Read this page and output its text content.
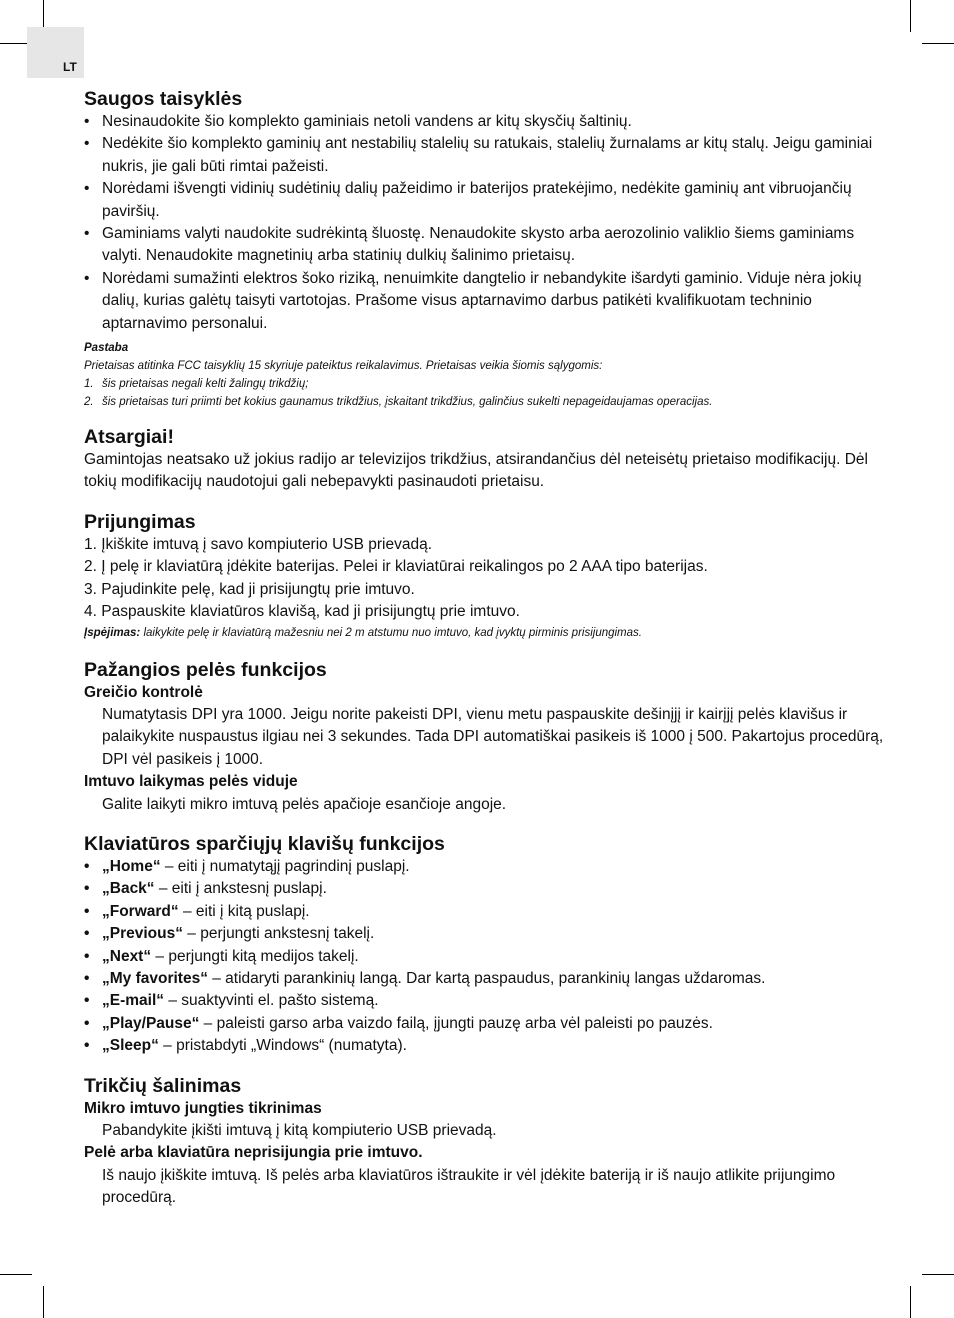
LT
Saugos taisyklės
• Nesinaudokite šio komplekto gaminiais netoli vandens ar kitų skysčių šaltinių.
• Nedėkite šio komplekto gaminių ant nestabilių stalelių su ratukais, stalelių žurnalams ar kitų stalų. Jeigu gaminiai nukris, jie gali būti rimtai pažeisti.
• Norėdami išvengti vidinių sudėtinių dalių pažeidimo ir baterijos pratekėjimo, nedėkite gaminių ant vibruojančių paviršių.
• Gaminiams valyti naudokite sudrėkintą šluostę. Nenaudokite skysto arba aerozolinio valiklio šiems gaminiams valyti. Nenaudokite magnetinių arba statinių dulkių šalinimo prietaisų.
• Norėdami sumažinti elektros šoko riziką, nenuimkite dangtelio ir nebandykite išardyti gaminio. Viduje nėra jokių dalių, kurias galėtų taisyti vartotojas. Prašome visus aptarnavimo darbus patikėti kvalifikuotam techninio aptarnavimo personalui.
Pastaba
Prietaisas atitinka FCC taisyklių 15 skyriuje pateiktus reikalavimus. Prietaisas veikia šiomis sąlygomis:
1. šis prietaisas negali kelti žalingų trikdžių;
2. šis prietaisas turi priimti bet kokius gaunamus trikdžius, įskaitant trikdžius, galinčius sukelti nepageidaujamas operacijas.
Atsargiai!

Gamintojas neatsako už jokius radijo ar televizijos trikdžius, atsirandančius dėl neteisėtų prietaiso modifikacijų. Dėl tokių modifikacijų naudotojui gali nebepavykti pasinaudoti prietaisu.

Prijungimas
1. Įkiškite imtuvą į savo kompiuterio USB prievadą.
2. Į pelę ir klaviatūrą įdėkite baterijas. Pelei ir klaviatūrai reikalingos po 2 AAA tipo baterijas.
3. Pajudinkite pelę, kad ji prisijungtų prie imtuvo.
4. Paspauskite klaviatūros klavišą, kad ji prisijungtų prie imtuvo.
Įspėjimas: laikykite pelę ir klaviatūrą mažesniu nei 2 m atstumu nuo imtuvo, kad įvyktų pirminis prisijungimas.
Pažangios pelės funkcijos
Greičio kontrolė

Numatytasis DPI yra 1000. Jeigu norite pakeisti DPI, vienu metu paspauskite dešinįjį ir kairįjį pelės klavišus ir palaikykite nuspaustus ilgiau nei 3 sekundes. Tada DPI automatiškai pasikeis iš 1000 į 500. Pakartojus procedūrą, DPI vėl pasikeis į 1000.

Imtuvo laikymas pelės viduje

Galite laikyti mikro imtuvą pelės apačioje esančioje angoje.

Klaviatūros sparčiųjų klavišų funkcijos
• „Home“ – eiti į numatytąjį pagrindinį puslapį.
• „Back“ – eiti į ankstesnį puslapį.
• „Forward“ – eiti į kitą puslapį.
• „Previous“ – perjungti ankstesnį takelį.
• „Next“ – perjungti kitą medijos takelį.
• „My favorites“ – atidaryti parankinių langą. Dar kartą paspaudus, parankinių langas uždaromas.
• „E-mail“ – suaktyvinti el. pašto sistemą.
• „Play/Pause“ – paleisti garso arba vaizdo failą, įjungti pauzę arba vėl paleisti po pauzės.
• „Sleep“ – pristabdyti „Windows“ (numatyta).
Trikčių šalinimas
Mikro imtuvo jungties tikrinimas

Pabandykite įkišti imtuvą į kitą kompiuterio USB prievadą.

Pelė arba klaviatūra neprisijungia prie imtuvo.

Iš naujo įkiškite imtuvą. Iš pelės arba klaviatūros ištraukite ir vėl įdėkite bateriją ir iš naujo atlikite prijungimo procedūrą.
